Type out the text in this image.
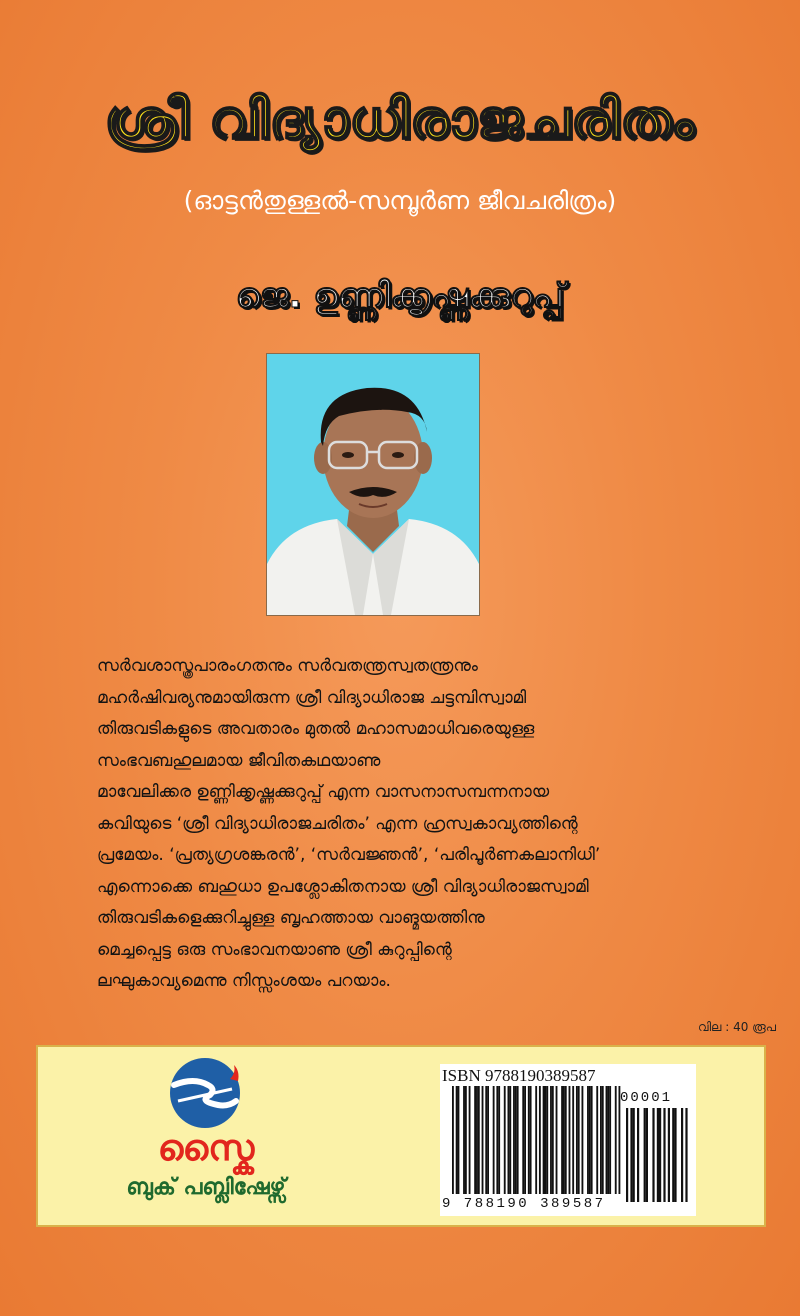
ശ്രീ വിദ്യാധിരാജചരിതം
(ഓട്ടൻതുള്ളൽ-സമ്പൂർണ ജീവചരിത്രം)
ജെ. ഉണ്ണിക്കൃഷ്ണക്കുറുപ്പ്
സർവശാസ്ത്രപാരംഗതനും സർവതന്ത്രസ്വതന്ത്രനും
മഹർഷിവര്യനുമായിരുന്ന ശ്രീ വിദ്യാധിരാജ ചട്ടമ്പിസ്വാമി
തിരുവടികളുടെ അവതാരം മുതൽ മഹാസമാധിവരെയുള്ള
സംഭവബഹുലമായ ജീവിതകഥയാണു
മാവേലിക്കര ഉണ്ണിക്കൃഷ്ണക്കുറുപ്പ് എന്ന വാസനാസമ്പന്നനായ
കവിയുടെ ‘ശ്രീ വിദ്യാധിരാജചരിതം’ എന്ന ഹ്രസ്വകാവ്യത്തിന്റെ
പ്രമേയം. ‘പ്രത്യഗ്രശങ്കരൻ’, ‘സർവജ്ഞൻ’, ‘പരിപൂർണകലാനിധി’
എന്നൊക്കെ ബഹുധാ ഉപശ്ലോകിതനായ ശ്രീ വിദ്യാധിരാജസ്വാമി
തിരുവടികളെക്കുറിച്ചുള്ള ബൃഹത്തായ വാങ്മയത്തിനു
മെച്ചപ്പെട്ട ഒരു സംഭാവനയാണു ശ്രീ കുറുപ്പിന്റെ
ലഘുകാവ്യമെന്നു നിസ്സംശയം പറയാം.
വില : 40 രൂപ
സ്കൈ
ബുക് പബ്ലിഷേഴ്സ്
ISBN 9788190389587
00001
9 788190 389587
